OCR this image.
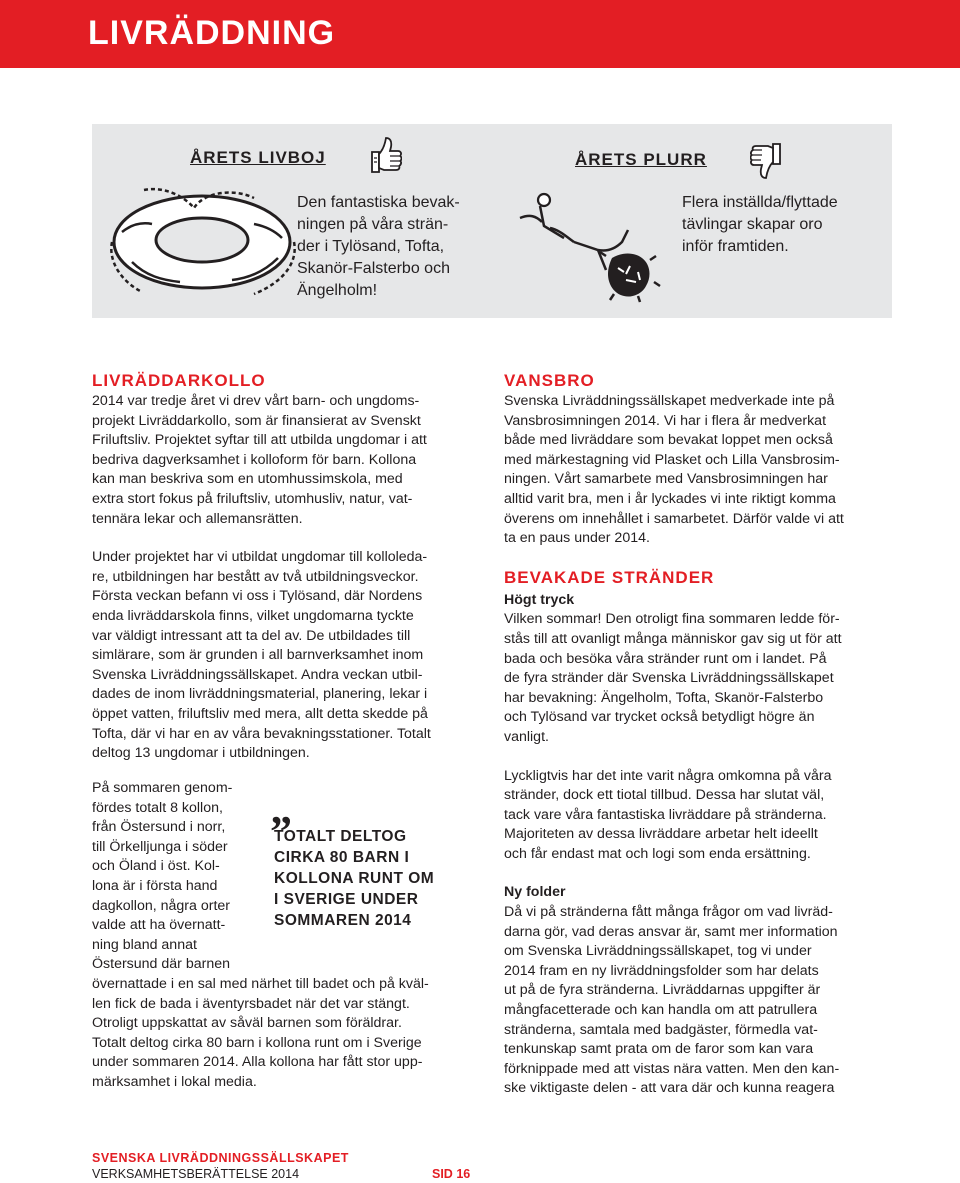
LIVRÄDDNING
ÅRETS LIVBOJ
Den fantastiska bevak-
ningen på våra strän-
der i Tylösand, Tofta,
Skanör-Falsterbo och
Ängelholm!
ÅRETS PLURR
Flera inställda/flyttade
tävlingar skapar oro
inför framtiden.
LIVRÄDDARKOLLO
2014 var tredje året vi drev vårt barn- och ungdoms-
projekt Livräddarkollo, som är finansierat av Svenskt
Friluftsliv. Projektet syftar till att utbilda ungdomar i att
bedriva dagverksamhet i kolloform för barn. Kollona
kan man beskriva som en utomhussimskola, med
extra stort fokus på friluftsliv, utomhusliv, natur, vat-
tennära lekar och allemansrätten.
Under projektet har vi utbildat ungdomar till kolloleda-
re, utbildningen har bestått av två utbildningsveckor.
Första veckan befann vi oss i Tylösand, där Nordens
enda livräddarskola finns, vilket ungdomarna tyckte
var väldigt intressant att ta del av. De utbildades till
simlärare, som är grunden i all barnverksamhet inom
Svenska Livräddningssällskapet. Andra veckan utbil-
dades de inom livräddningsmaterial, planering, lekar i
öppet vatten, friluftsliv med mera, allt detta skedde på
Tofta, där vi har en av våra bevakningsstationer. Totalt
deltog 13 ungdomar i utbildningen.
På sommaren genom-
fördes totalt 8 kollon,
från Östersund i norr,
till Örkelljunga i söder
och Öland i öst. Kol-
lona är i första hand
dagkollon, några orter
valde att ha övernatt-
ning bland annat
Östersund där barnen
övernattade i en sal med närhet till badet och på kväl-
len fick de bada i äventyrsbadet när det var stängt.
Otroligt uppskattat av såväl barnen som föräldrar.
Totalt deltog cirka 80 barn i kollona runt om i Sverige
under sommaren 2014. Alla kollona har fått stor upp-
märksamhet i lokal media.
”
TOTALT DELTOG
CIRKA 80 BARN I
KOLLONA RUNT OM
I SVERIGE UNDER
SOMMAREN 2014
VANSBRO
Svenska Livräddningssällskapet medverkade inte på
Vansbrosimningen 2014. Vi har i flera år medverkat
både med livräddare som bevakat loppet men också
med märkestagning vid Plasket och Lilla Vansbrosim-
ningen. Vårt samarbete med Vansbrosimningen har
alltid varit bra, men i år lyckades vi inte riktigt komma
överens om innehållet i samarbetet. Därför valde vi att
ta en paus under 2014.
BEVAKADE STRÄNDER
Högt tryck
Vilken sommar! Den otroligt fina sommaren ledde för-
stås till att ovanligt många människor gav sig ut för att
bada och besöka våra stränder runt om i landet. På
de fyra stränder där Svenska Livräddningssällskapet
har bevakning: Ängelholm, Tofta, Skanör-Falsterbo
och Tylösand var trycket också betydligt högre än
vanligt.
Lyckligtvis har det inte varit några omkomna på våra
stränder, dock ett tiotal tillbud. Dessa har slutat väl,
tack vare våra fantastiska livräddare på stränderna.
Majoriteten av dessa livräddare arbetar helt ideellt
och får endast mat och logi som enda ersättning.
Ny folder
Då vi på stränderna fått många frågor om vad livräd-
darna gör, vad deras ansvar är, samt mer information
om Svenska Livräddningssällskapet, tog vi under
2014 fram en ny livräddningsfolder som har delats
ut på de fyra stränderna. Livräddarnas uppgifter är
mångfacetterade och kan handla om att patrullera
stränderna, samtala med badgäster, förmedla vat-
tenkunskap samt prata om de faror som kan vara
förknippade med att vistas nära vatten. Men den kan-
ske viktigaste delen - att vara där och kunna reagera
SVENSKA LIVRÄDDNINGSSÄLLSKAPET
VERKSAMHETSBERÄTTELSE 2014	SID 16
